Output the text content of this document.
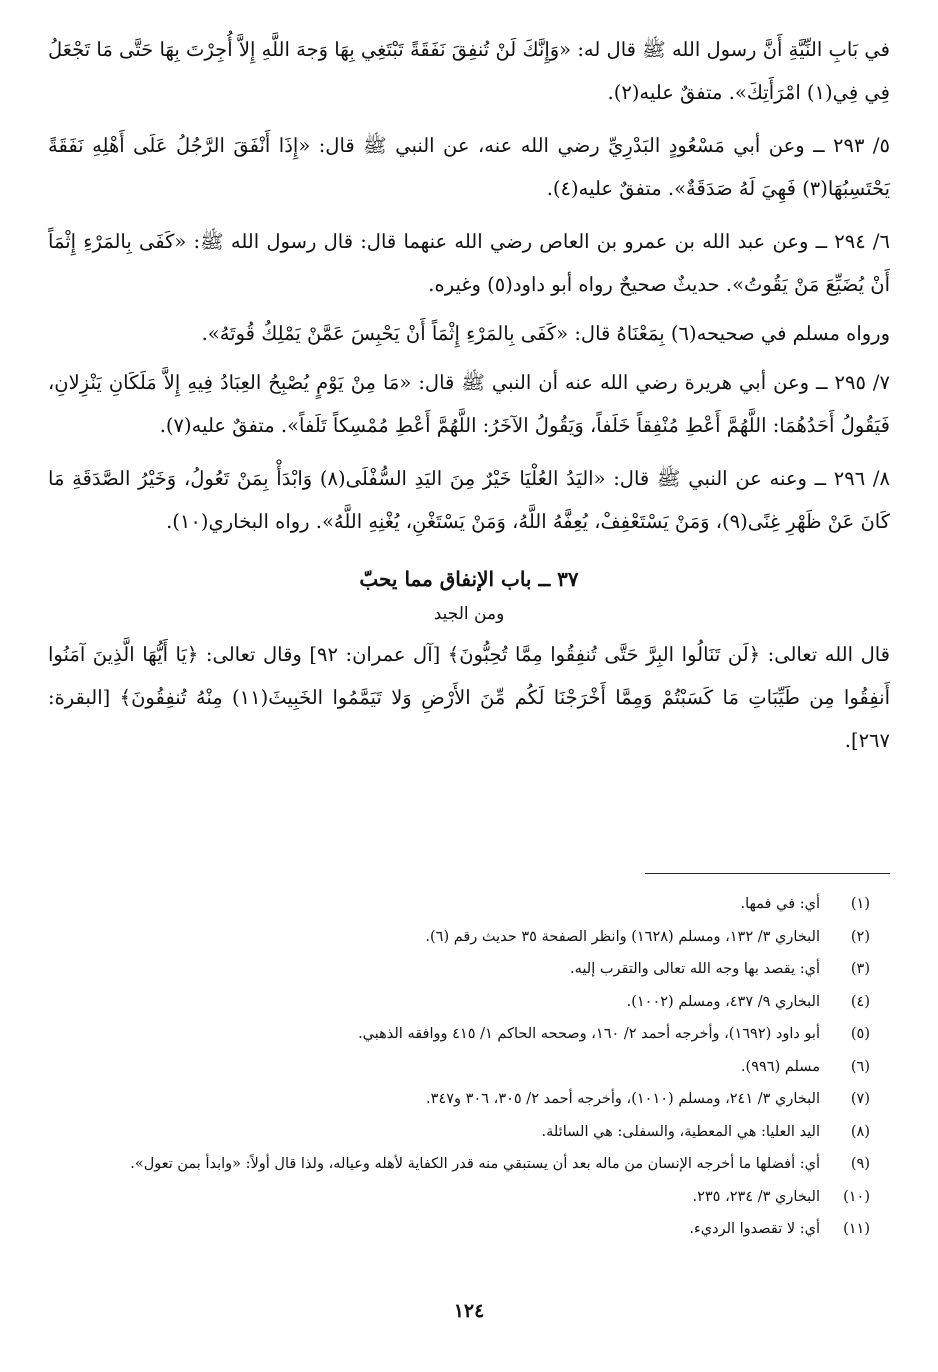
في بَابِ النِّيَّةِ أَنَّ رسول الله ﷺ قال له: «وَإِنَّكَ لَنْ تُنفِقَ نَفَقَةً تَبْتَغِي بِهَا وَجهَ اللَّهِ إِلاَّ أُجِرْتَ بِهَا حَتَّى مَا تَجْعَلُ فِي فِي(١) امْرَأَتِكَ». متفقٌ عليه(٢).

٥/ ٢٩٣ ــ وعن أبي مَسْعُودٍ البَدْرِيِّ رضي الله عنه، عن النبي ﷺ قال: «إِذَا أَنْفَقَ الرَّجُلُ عَلَى أَهْلِهِ نَفَقَةً يَحْتَسِبُهَا(٣) فَهِيَ لَهُ صَدَقَةٌ». متفقٌ عليه(٤).

٦/ ٢٩٤ ــ وعن عبد الله بن عمرو بن العاص رضي الله عنهما قال: قال رسول الله ﷺ: «كَفَى بِالمَرْءِ إِثْمَاً أَنْ يُضَيِّعَ مَنْ يَقُوتُ». حديثٌ صحيحٌ رواه أبو داود(٥) وغيره.

ورواه مسلم في صحيحه(٦) بِمَعْنَاهُ قال: «كَفَى بِالمَرْءِ إِثْمَاً أَنْ يَحْبِسَ عَمَّنْ يَمْلِكُ قُوتَهُ».

٧/ ٢٩٥ ــ وعن أبي هريرة رضي الله عنه أن النبي ﷺ قال: «مَا مِنْ يَوْمٍ يُصْبِحُ العِبَادُ فِيهِ إِلاَّ مَلَكَانِ يَنْزِلانِ، فَيَقُولُ أَحَدُهُمَا: اللَّهُمَّ أَعْطِ مُنْفِقاً خَلَفاً، وَيَقُولُ الآخَرُ: اللَّهُمَّ أَعْطِ مُمْسِكاً تَلَفاً». متفقٌ عليه(٧).

٨/ ٢٩٦ ــ وعنه عن النبي ﷺ قال: «اليَدُ العُلْيَا خَيْرٌ مِنَ اليَدِ السُّفْلَى(٨) وَابْدَأْ بِمَنْ تَعُولُ، وَخَيْرُ الصَّدَقَةِ مَا كَانَ عَنْ ظَهْرِ غِنًى(٩)، وَمَنْ يَسْتَعْفِفْ، يُعِفَّهُ اللَّهُ، وَمَنْ يَسْتَغْنِ، يُغْنِهِ اللَّهُ». رواه البخاري(١٠).

٣٧ ــ باب الإنفاق مما يحبّ
ومن الجيد

قال الله تعالى: ﴿لَن تَنَالُوا البِرَّ حَتَّى تُنفِقُوا مِمَّا تُحِبُّونَ﴾ [آل عمران: ٩٢] وقال تعالى: ﴿يَا أَيُّهَا الَّذِينَ آمَنُوا أَنفِقُوا مِن طَيِّبَاتِ مَا كَسَبْتُمْ وَمِمَّا أَخْرَجْنَا لَكُم مِّنَ الأَرْضِ وَلا تَيَمَّمُوا الخَبِيثَ(١١) مِنْهُ تُنفِقُونَ﴾ [البقرة: ٢٦٧].

(١)
أي: في فمها.
(٢)
البخاري ٣/ ١٣٢، ومسلم (١٦٢٨) وانظر الصفحة ٣٥ حديث رقم (٦).
(٣)
أي: يقصد بها وجه الله تعالى والتقرب إليه.
(٤)
البخاري ٩/ ٤٣٧، ومسلم (١٠٠٢).
(٥)
أبو داود (١٦٩٢)، وأخرجه أحمد ٢/ ١٦٠، وصححه الحاكم ١/ ٤١٥ ووافقه الذهبي.
(٦)
مسلم (٩٩٦).
(٧)
البخاري ٣/ ٢٤١، ومسلم (١٠١٠)، وأخرجه أحمد ٢/ ٣٠٥، ٣٠٦ و٣٤٧.
(٨)
اليد العليا: هي المعطية، والسفلى: هي السائلة.
(٩)
أي: أفضلها ما أخرجه الإنسان من ماله بعد أن يستبقي منه قدر الكفاية لأهله وعياله، ولذا قال أولاً: «وابدأ بمن تعول».
(١٠)
البخاري ٣/ ٢٣٤، ٢٣٥.
(١١)
أي: لا تقصدوا الرديء.
١٢٤
